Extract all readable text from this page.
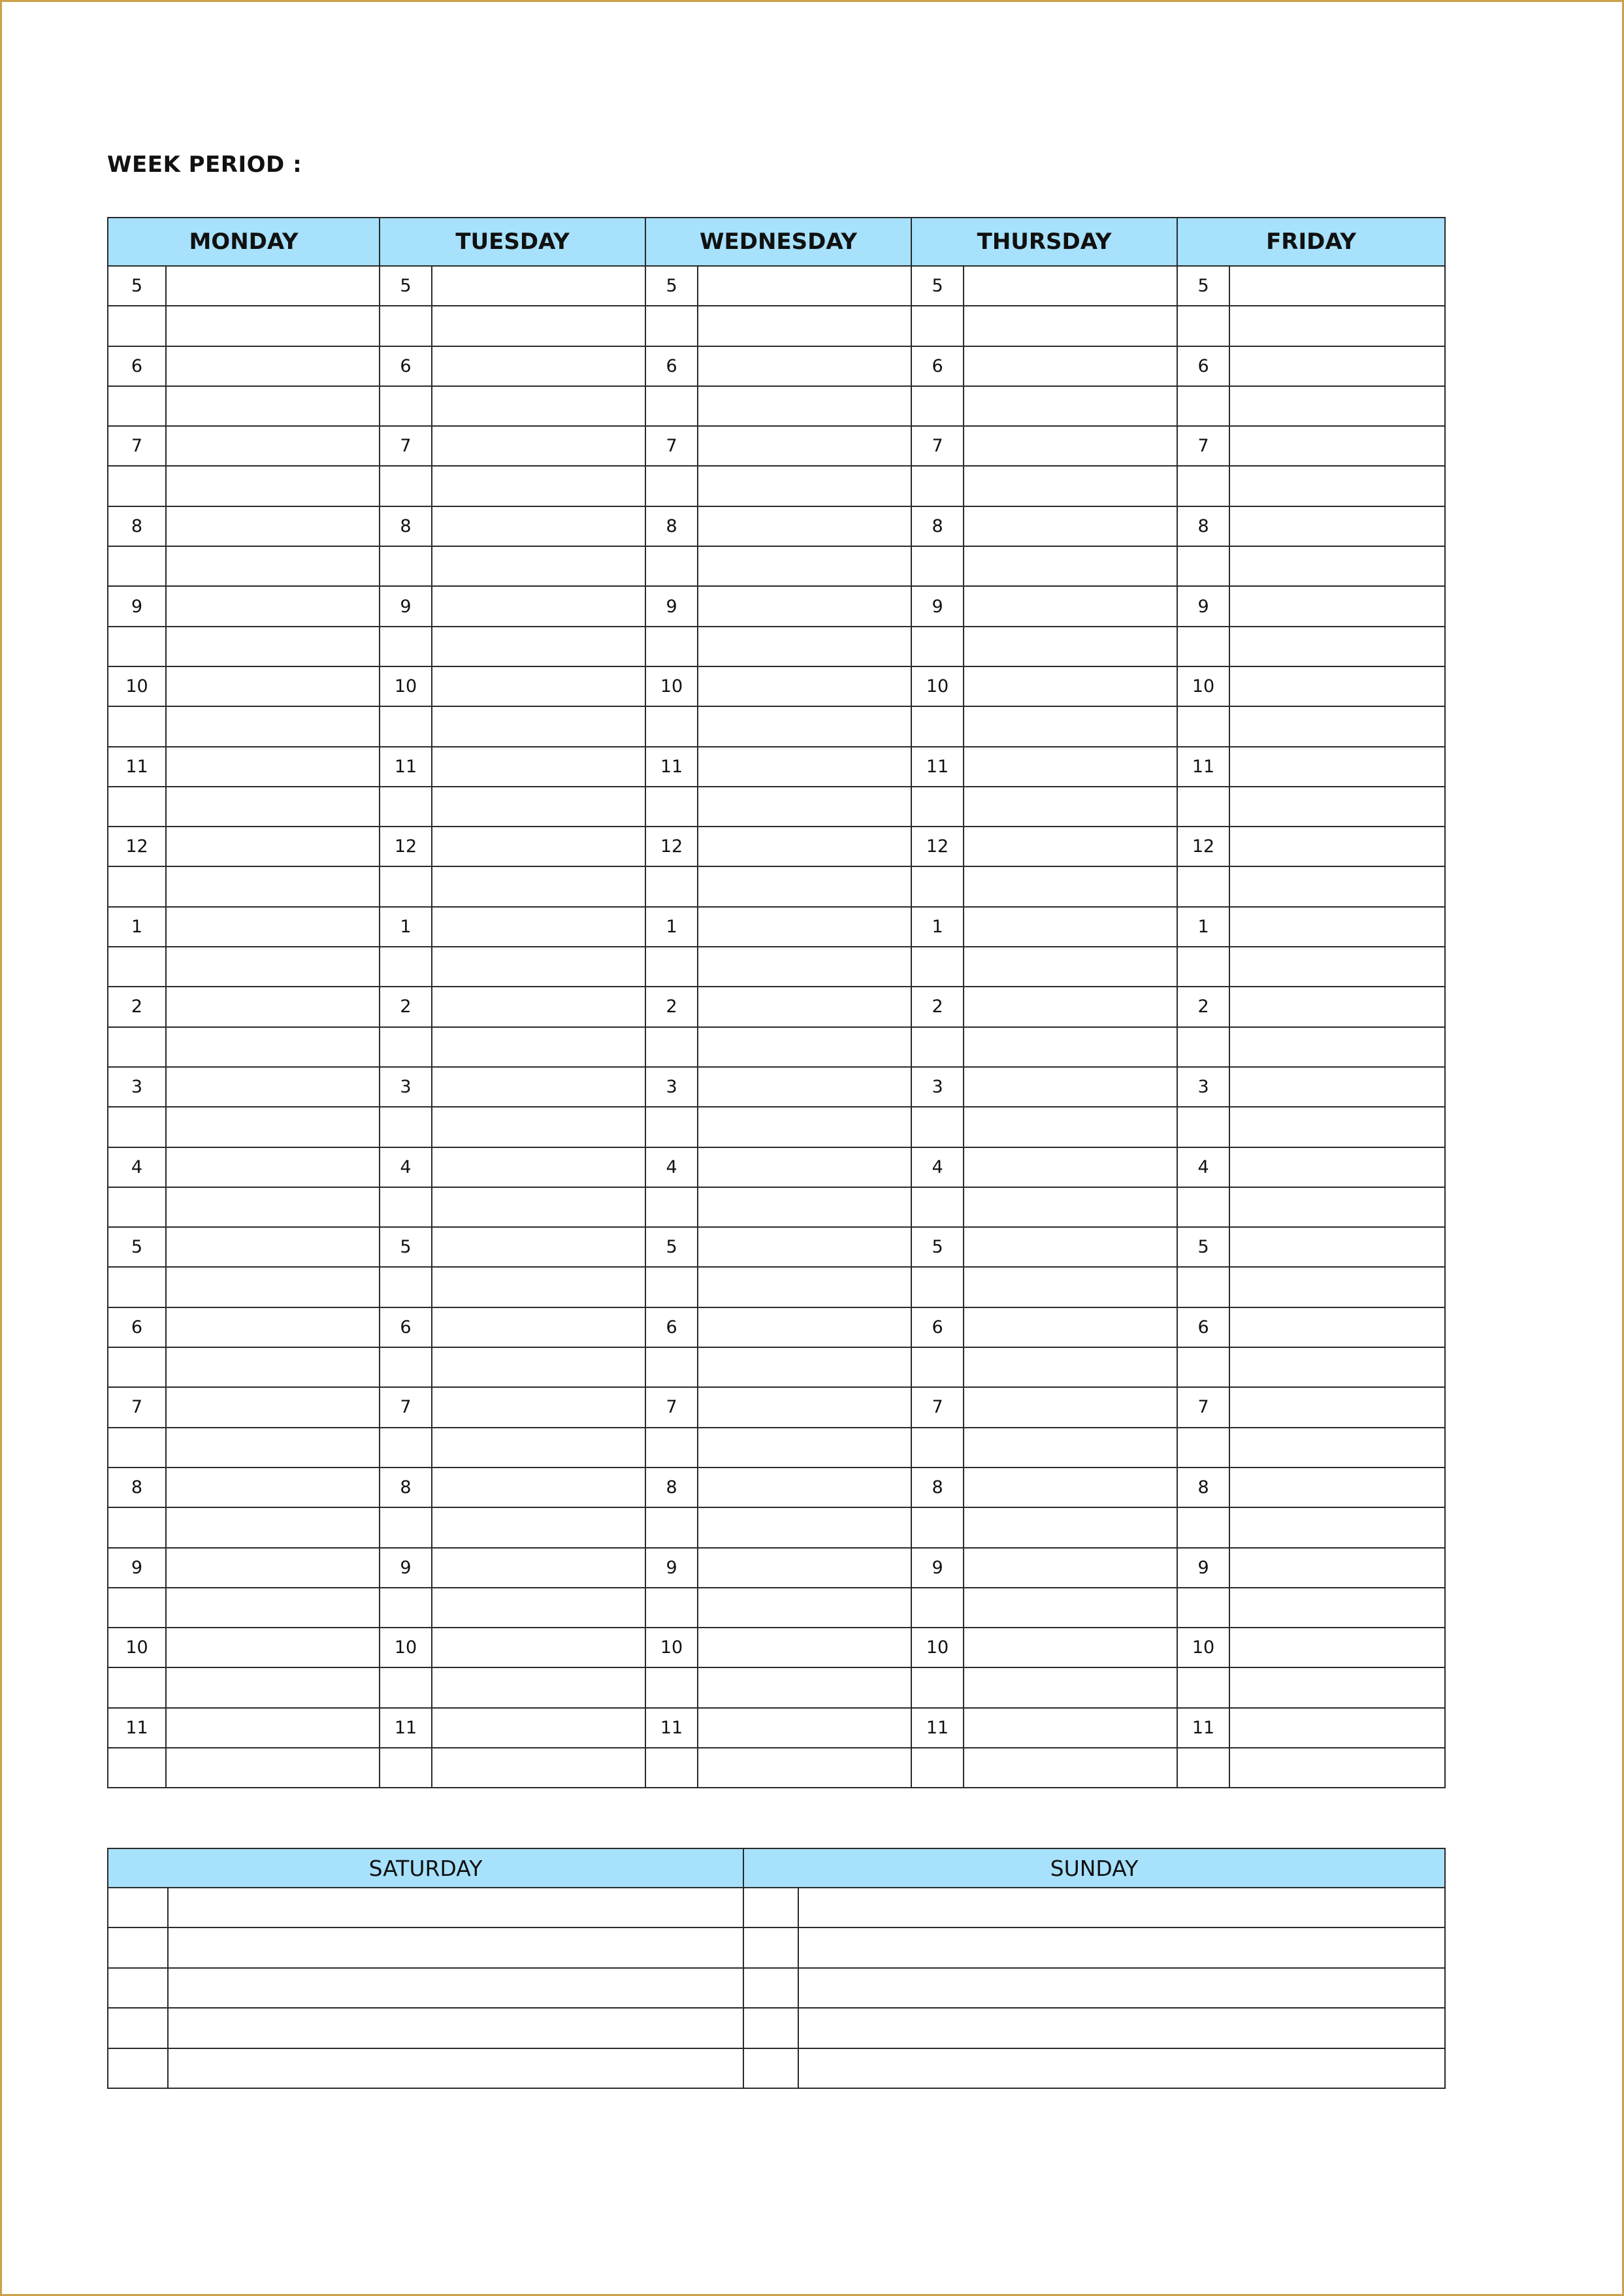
WEEK PERIOD :
MONDAY		TUESDAY		WEDNESDAY		THURSDAY		FRIDAY	
5		5		5		5		5	

6		6		6		6		6	

7		7		7		7		7	

8		8		8		8		8	

9		9		9		9		9	

10		10		10		10		10	

11		11		11		11		11	

12		12		12		12		12	

1		1		1		1		1	

2		2		2		2		2	

3		3		3		3		3	

4		4		4		4		4	

5		5		5		5		5	

6		6		6		6		6	

7		7		7		7		7	

8		8		8		8		8	

9		9		9		9		9	

10		10		10		10		10	

11		11		11		11		11	

SATURDAY		SUNDAY	
